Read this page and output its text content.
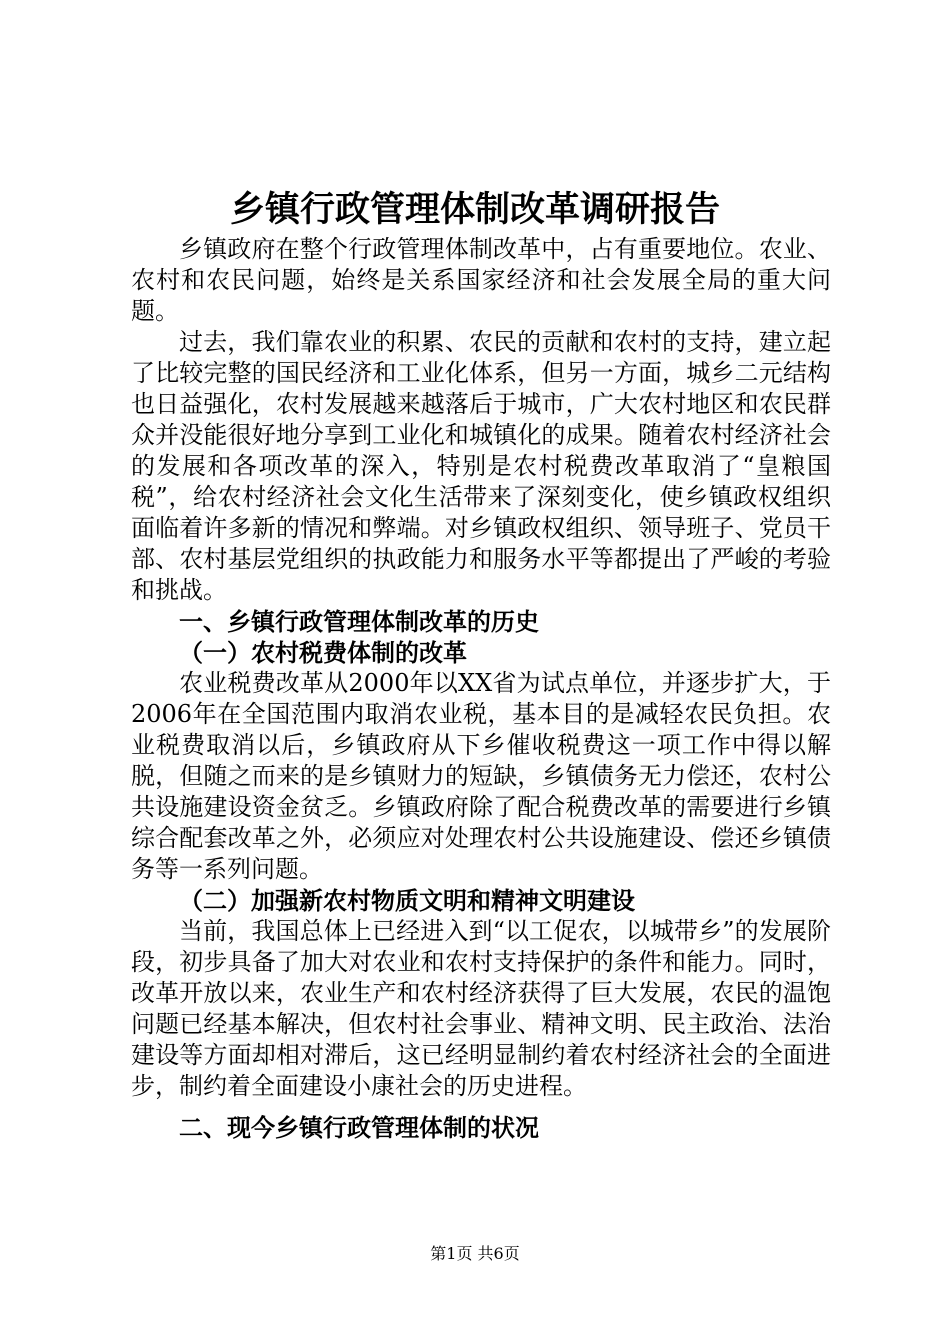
乡镇行政管理体制改革调研报告

乡镇政府在整个行政管理体制改革中，占有重要地位。农业、农村和农民问题，始终是关系国家经济和社会发展全局的重大问题。

过去，我们靠农业的积累、农民的贡献和农村的支持，建立起了比较完整的国民经济和工业化体系，但另一方面，城乡二元结构也日益强化，农村发展越来越落后于城市，广大农村地区和农民群众并没能很好地分享到工业化和城镇化的成果。随着农村经济社会的发展和各项改革的深入，特别是农村税费改革取消了“皇粮国税”，给农村经济社会文化生活带来了深刻变化，使乡镇政权组织面临着许多新的情况和弊端。对乡镇政权组织、领导班子、党员干部、农村基层党组织的执政能力和服务水平等都提出了严峻的考验和挑战。

一、乡镇行政管理体制改革的历史

（一）农村税费体制的改革

农业税费改革从2000年以XX省为试点单位，并逐步扩大，于2006年在全国范围内取消农业税，基本目的是减轻农民负担。农业税费取消以后，乡镇政府从下乡催收税费这一项工作中得以解脱，但随之而来的是乡镇财力的短缺，乡镇债务无力偿还，农村公共设施建设资金贫乏。乡镇政府除了配合税费改革的需要进行乡镇综合配套改革之外，必须应对处理农村公共设施建设、偿还乡镇债务等一系列问题。

（二）加强新农村物质文明和精神文明建设

当前，我国总体上已经进入到“以工促农，以城带乡”的发展阶段，初步具备了加大对农业和农村支持保护的条件和能力。同时，改革开放以来，农业生产和农村经济获得了巨大发展，农民的温饱问题已经基本解决，但农村社会事业、精神文明、民主政治、法治建设等方面却相对滞后，这已经明显制约着农村经济社会的全面进步，制约着全面建设小康社会的历史进程。

二、现今乡镇行政管理体制的状况

第1页 共6页
